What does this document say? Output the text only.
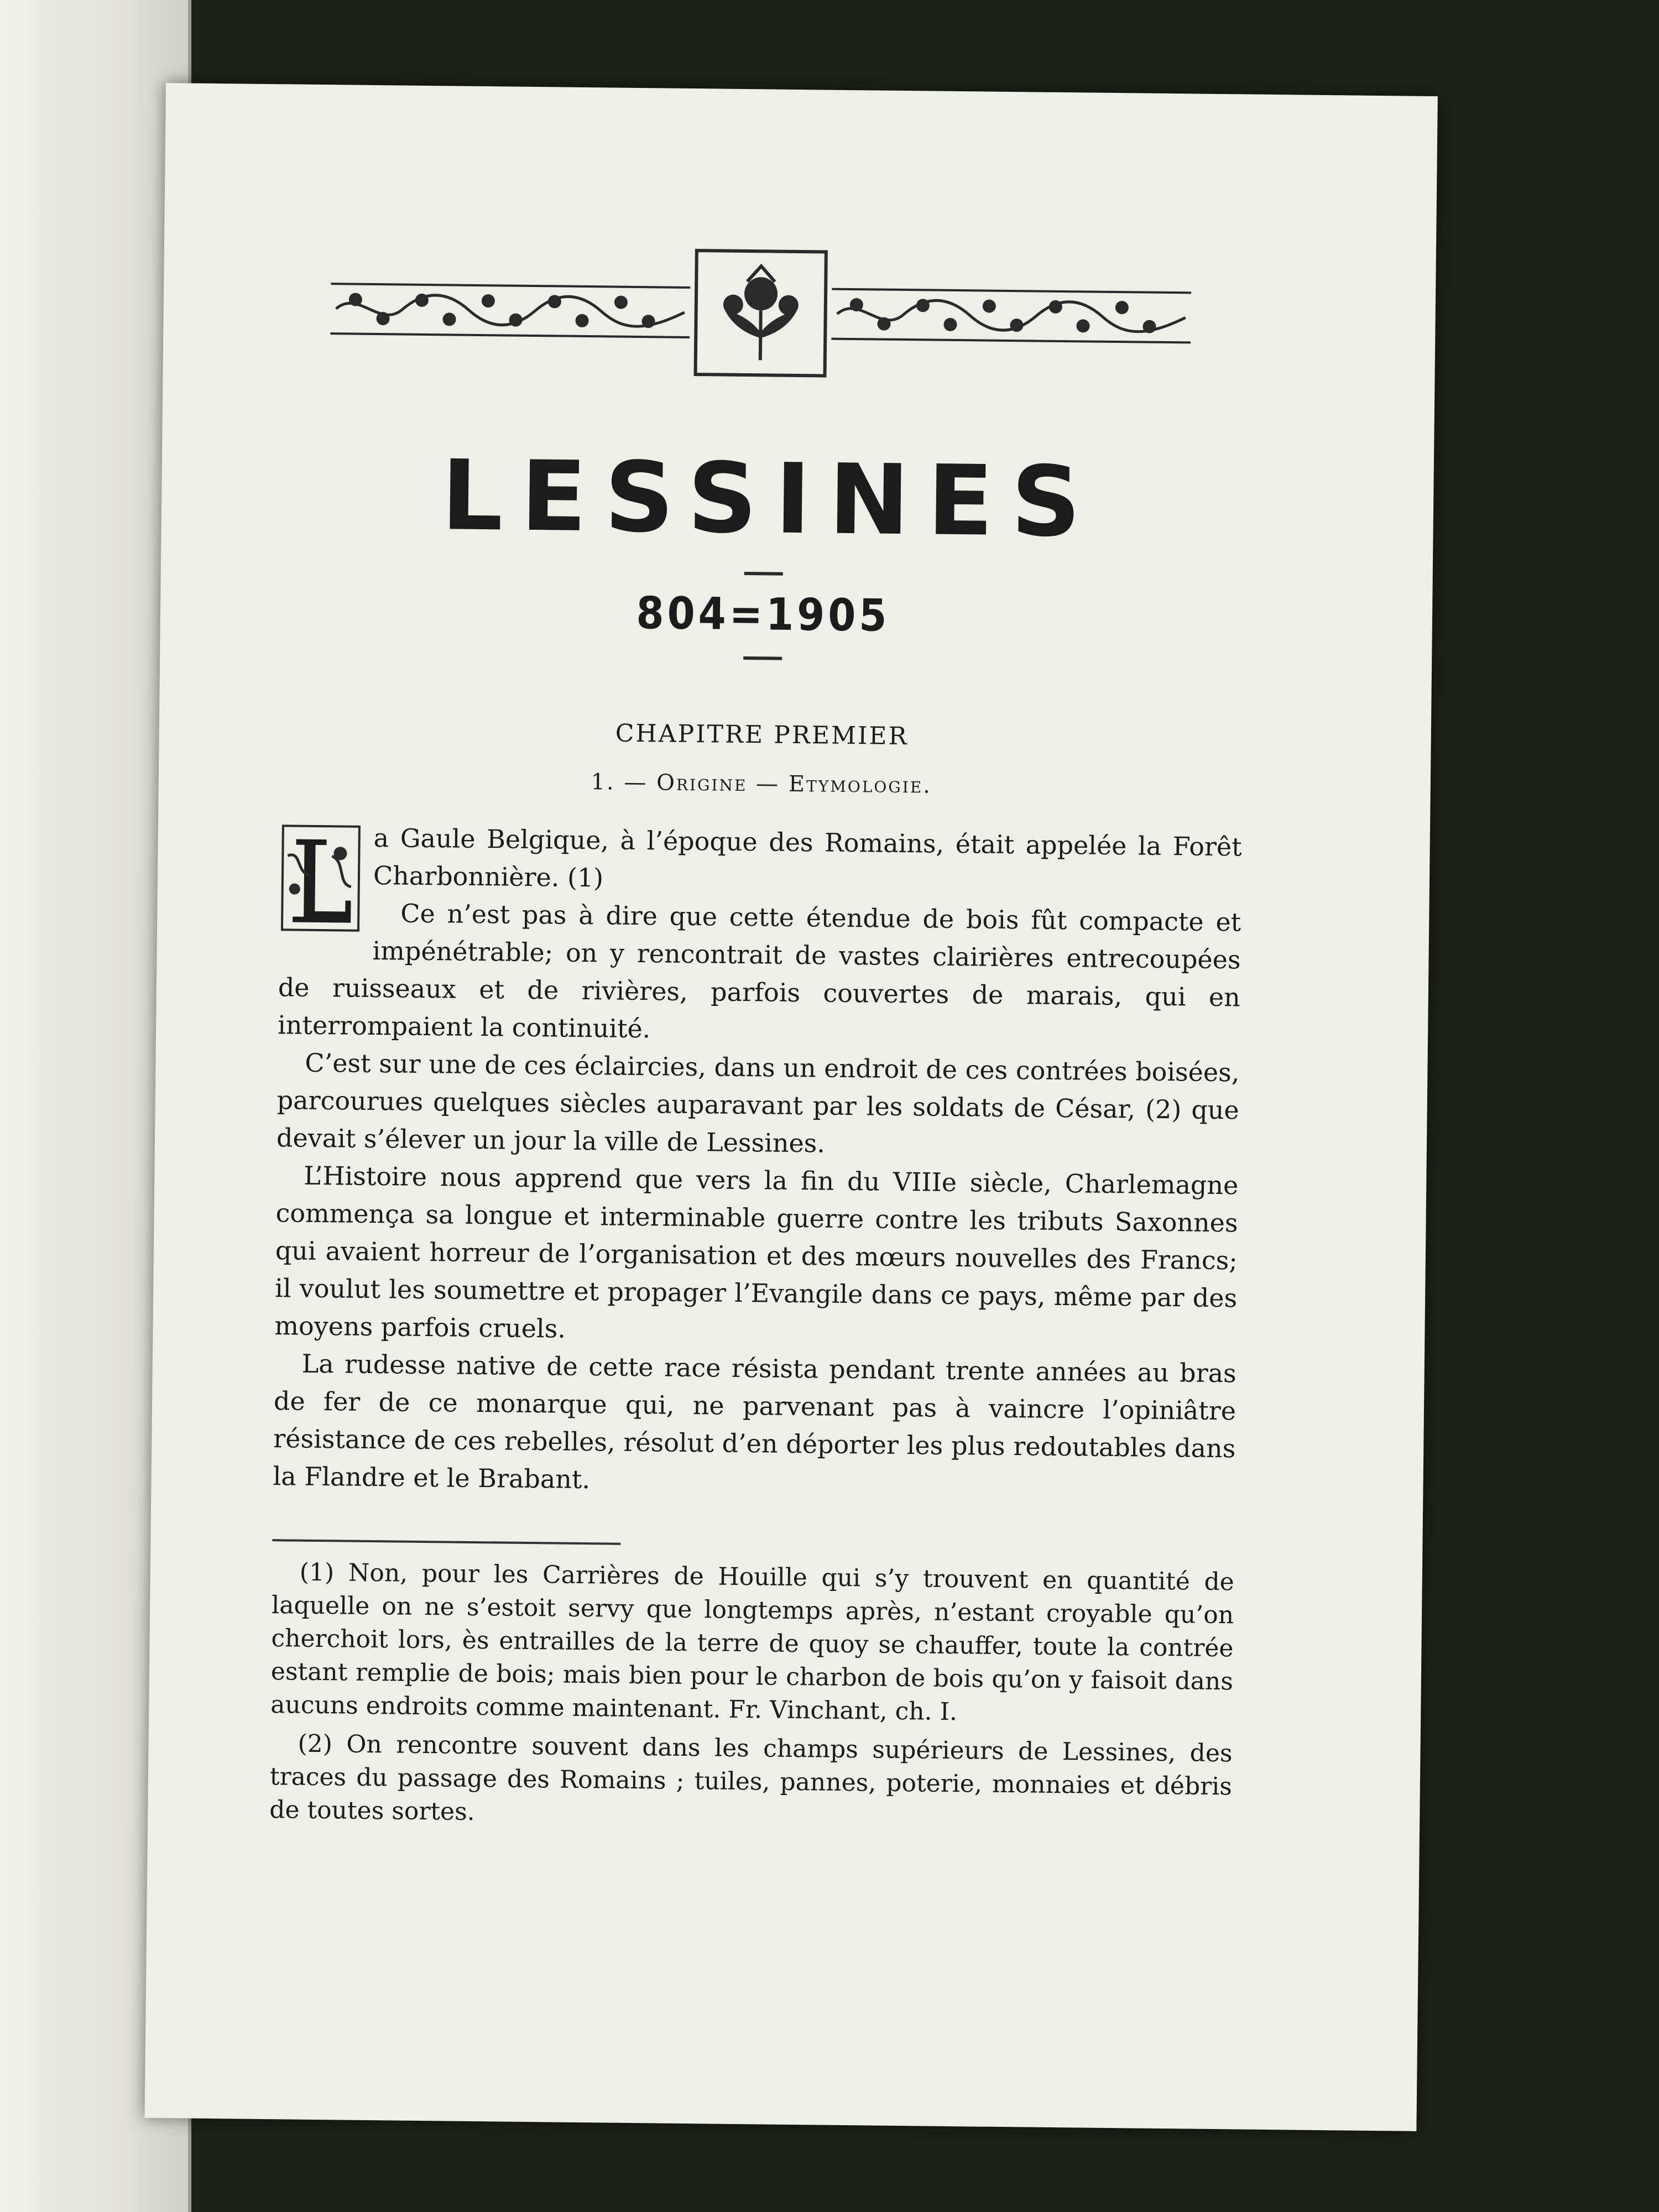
LESSINES
804=1905
CHAPITRE PREMIER
1. — Origine — Etymologie.

a Gaule Belgique, à l’époque des Romains, était appelée la Forêt Charbonnière. (1)

Ce n’est pas à dire que cette étendue de bois fût compacte et impénétrable; on y rencontrait de vastes clairières entrecoupées de ruisseaux et de rivières, parfois couvertes de marais, qui en interrompaient la continuité.

C’est sur une de ces éclaircies, dans un endroit de ces contrées boisées, parcourues quelques siècles auparavant par les soldats de César, (2) que devait s’élever un jour la ville de Lessines.

L’Histoire nous apprend que vers la fin du VIIIe siècle, Charlemagne commença sa longue et interminable guerre contre les tributs Saxonnes qui avaient horreur de l’organisation et des mœurs nouvelles des Francs; il voulut les soumettre et propager l’Evangile dans ce pays, même par des moyens parfois cruels.

La rudesse native de cette race résista pendant trente années au bras de fer de ce monarque qui, ne parvenant pas à vaincre l’opiniâtre résistance de ces rebelles, résolut d’en déporter les plus redoutables dans la Flandre et le Brabant.

(1) Non, pour les Carrières de Houille qui s’y trouvent en quantité de laquelle on ne s’estoit servy que longtemps après, n’estant croyable qu’on cherchoit lors, ès entrailles de la terre de quoy se chauffer, toute la contrée estant remplie de bois; mais bien pour le charbon de bois qu’on y faisoit dans aucuns endroits comme maintenant. Fr. Vinchant, ch. I.

(2) On rencontre souvent dans les champs supérieurs de Lessines, des traces du passage des Romains ; tuiles, pannes, poterie, monnaies et débris de toutes sortes.
